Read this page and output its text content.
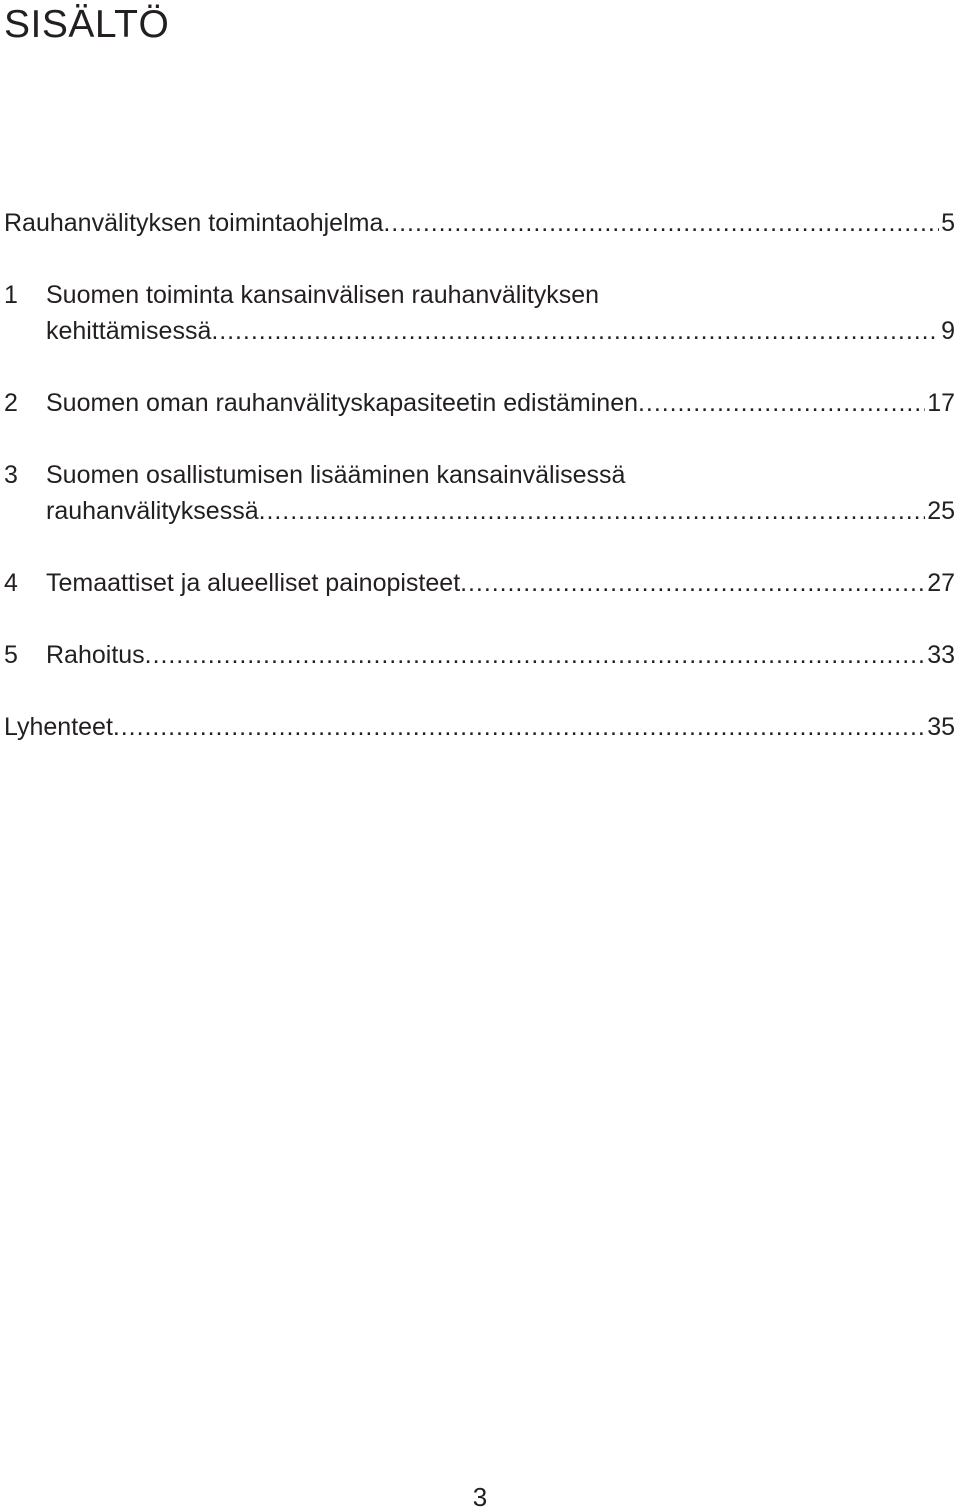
SISÄLTÖ
Rauhanvälityksen toimintaohjelma . . .	5
1	Suomen toiminta kansainvälisen rauhanvälityksen
kehittämisessä . . .	9
2	Suomen oman rauhanvälityskapasiteetin edistäminen . . .	17
3	Suomen osallistumisen lisääminen kansainvälisessä
rauhanvälityksessä . . .	25
4	Temaattiset ja alueelliset painopisteet . . .	27
5	Rahoitus . . .	33
Lyhenteet . . .	35
3
